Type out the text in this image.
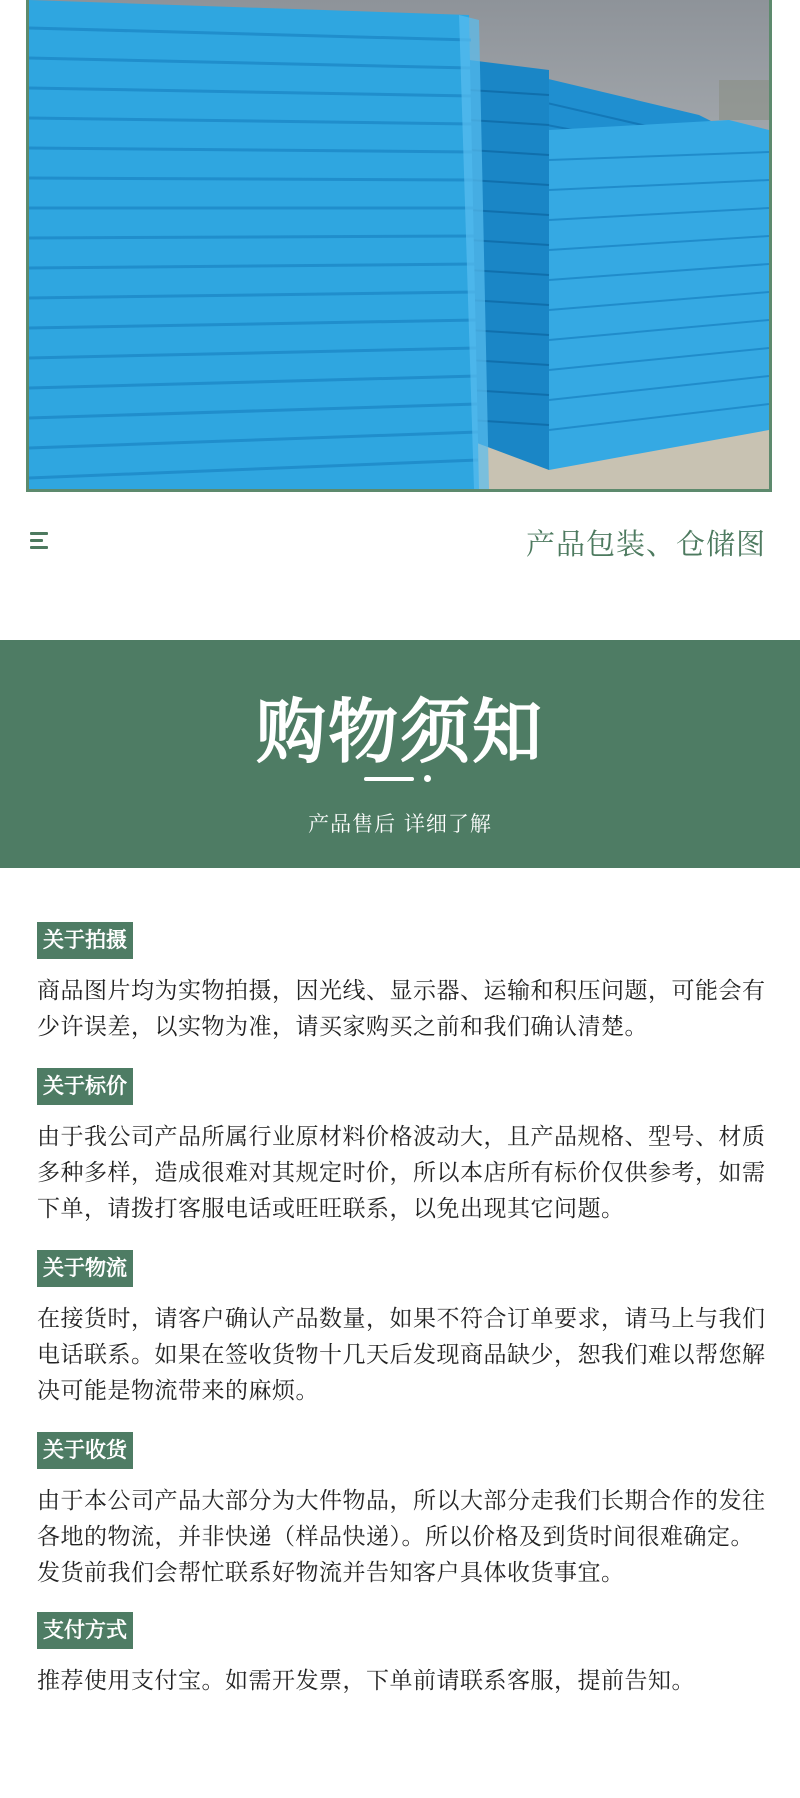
产品包装、仓储图
购物须知
产品售后 详细了解
关于拍摄
商品图片均为实物拍摄，因光线、显示器、运输和积压问题，可能会有少许误差，以实物为准，请买家购买之前和我们确认清楚。
关于标价
由于我公司产品所属行业原材料价格波动大，且产品规格、型号、材质多种多样，造成很难对其规定时价，所以本店所有标价仅供参考，如需下单，请拨打客服电话或旺旺联系，以免出现其它问题。
关于物流
在接货时，请客户确认产品数量，如果不符合订单要求，请马上与我们电话联系。如果在签收货物十几天后发现商品缺少，恕我们难以帮您解决可能是物流带来的麻烦。
关于收货
由于本公司产品大部分为大件物品，所以大部分走我们长期合作的发往各地的物流，并非快递（样品快递）。所以价格及到货时间很难确定。发货前我们会帮忙联系好物流并告知客户具体收货事宜。
支付方式
推荐使用支付宝。如需开发票，下单前请联系客服，提前告知。
